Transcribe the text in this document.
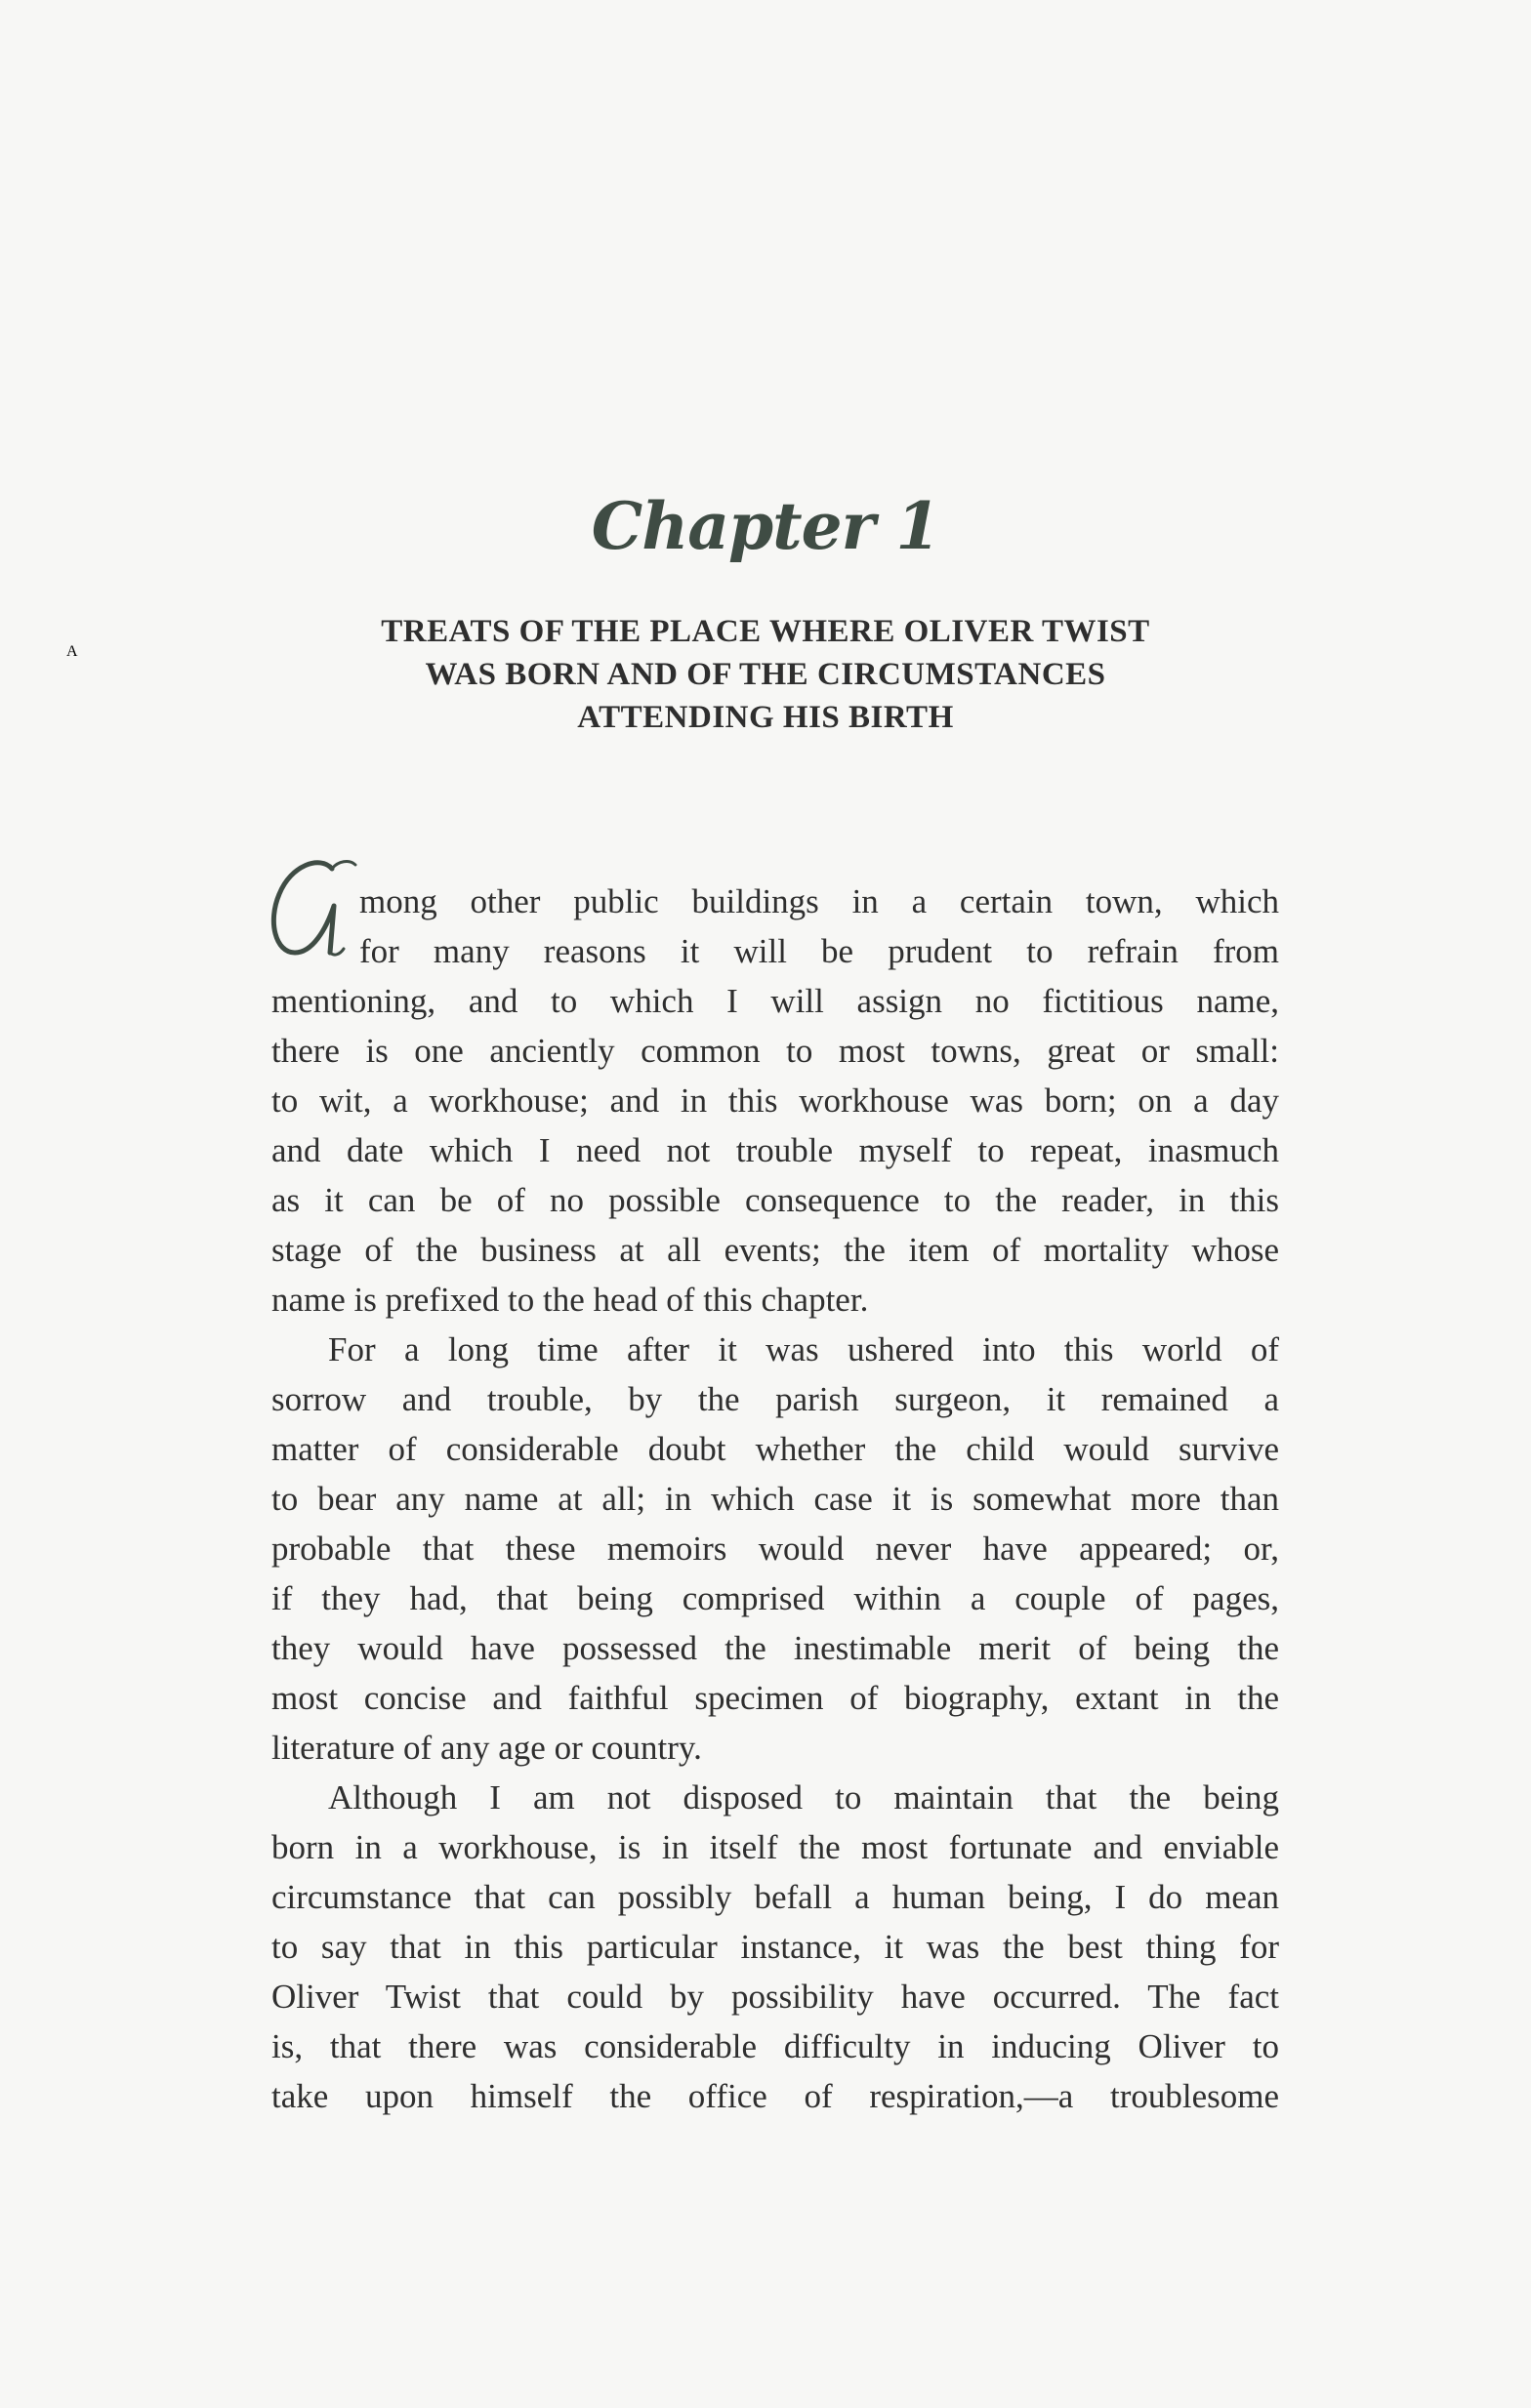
Chapter 1
TREATS OF THE PLACE WHERE OLIVER TWIST
WAS BORN AND OF THE CIRCUMSTANCES
ATTENDING HIS BIRTH
A
mong other public buildings in a certain town, which
for many reasons it will be prudent to refrain from
mentioning, and to which I will assign no fictitious name,
there is one anciently common to most towns, great or small:
to wit, a workhouse; and in this workhouse was born; on a day
and date which I need not trouble myself to repeat, inasmuch
as it can be of no possible consequence to the reader, in this
stage of the business at all events; the item of mortality whose
name is prefixed to the head of this chapter.
For a long time after it was ushered into this world of
sorrow and trouble, by the parish surgeon, it remained a
matter of considerable doubt whether the child would survive
to bear any name at all; in which case it is somewhat more than
probable that these memoirs would never have appeared; or,
if they had, that being comprised within a couple of pages,
they would have possessed the inestimable merit of being the
most concise and faithful specimen of biography, extant in the
literature of any age or country.
Although I am not disposed to maintain that the being
born in a workhouse, is in itself the most fortunate and enviable
circumstance that can possibly befall a human being, I do mean
to say that in this particular instance, it was the best thing for
Oliver Twist that could by possibility have occurred. The fact
is, that there was considerable difficulty in inducing Oliver to
take upon himself the office of respiration,—a troublesome
